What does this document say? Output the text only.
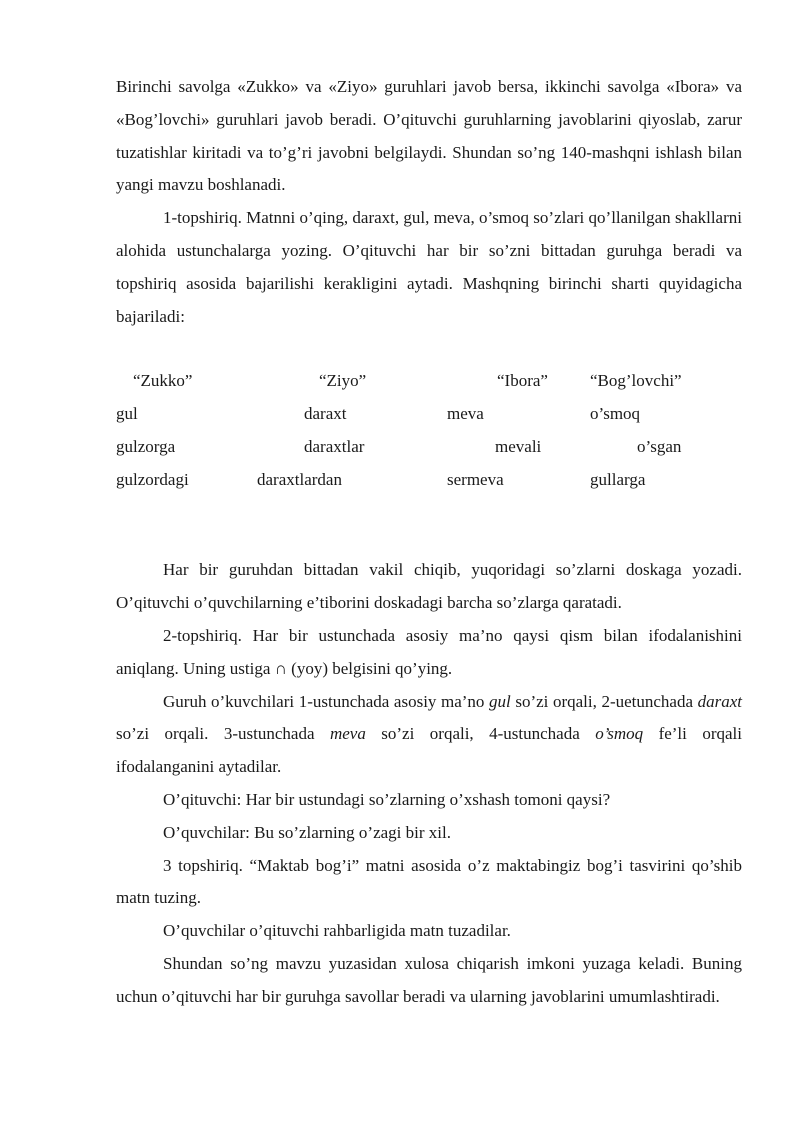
Birinchi savolga «Zukko» va «Ziyo» guruhlari javob bersa, ikkinchi savolga «Ibora» va «Bog’lovchi» guruhlari javob beradi. O’qituvchi guruhlarning javoblarini qiyoslab, zarur tuzatishlar kiritadi va to’g’ri javobni belgilaydi. Shundan so’ng 140-mashqni ishlash bilan yangi mavzu boshlanadi.

1-topshiriq. Matnni o’qing, daraxt, gul, meva, o’smoq so’zlari qo’llanilgan shakllarni alohida ustunchalarga yozing. O’qituvchi har bir so’zni bittadan guruhga beradi va topshiriq asosida bajarilishi kerakligini aytadi. Mashqning birinchi sharti quyidagicha bajariladi:

“Zukko”	“Ziyo”	“Ibora” “Bog’lovchi”
gul	daraxt	meva	o’smoq
gulzorga	daraxtlar	mevali	o’sgan
gulzordagi	daraxtlardan	sermeva	gullarga

Har bir guruhdan bittadan vakil chiqib, yuqoridagi so’zlarni doskaga yozadi. O’qituvchi o’quvchilarning e’tiborini doskadagi barcha so’zlarga qaratadi.

2-topshiriq. Har bir ustunchada asosiy ma’no qaysi qism bilan ifodalanishini aniqlang. Uning ustiga ∩ (yoy) belgisini qo’ying.

Guruh o’kuvchilari 1-ustunchada asosiy ma’no gul so’zi orqali, 2-uetunchada daraxt so’zi orqali. 3-ustunchada meva so’zi orqali, 4-ustunchada o’smoq fe’li orqali ifodalanganini aytadilar.

O’qituvchi: Har bir ustundagi so’zlarning o’xshash tomoni qaysi?

O’quvchilar: Bu so’zlarning o’zagi bir xil.

3 topshiriq. “Maktab bog’i” matni asosida o’z maktabingiz bog’i tasvirini qo’shib matn tuzing.

O’quvchilar o’qituvchi rahbarligida matn tuzadilar.

Shundan so’ng mavzu yuzasidan xulosa chiqarish imkoni yuzaga keladi. Buning uchun o’qituvchi har bir guruhga savollar beradi va ularning javoblarini umumlashtiradi.
